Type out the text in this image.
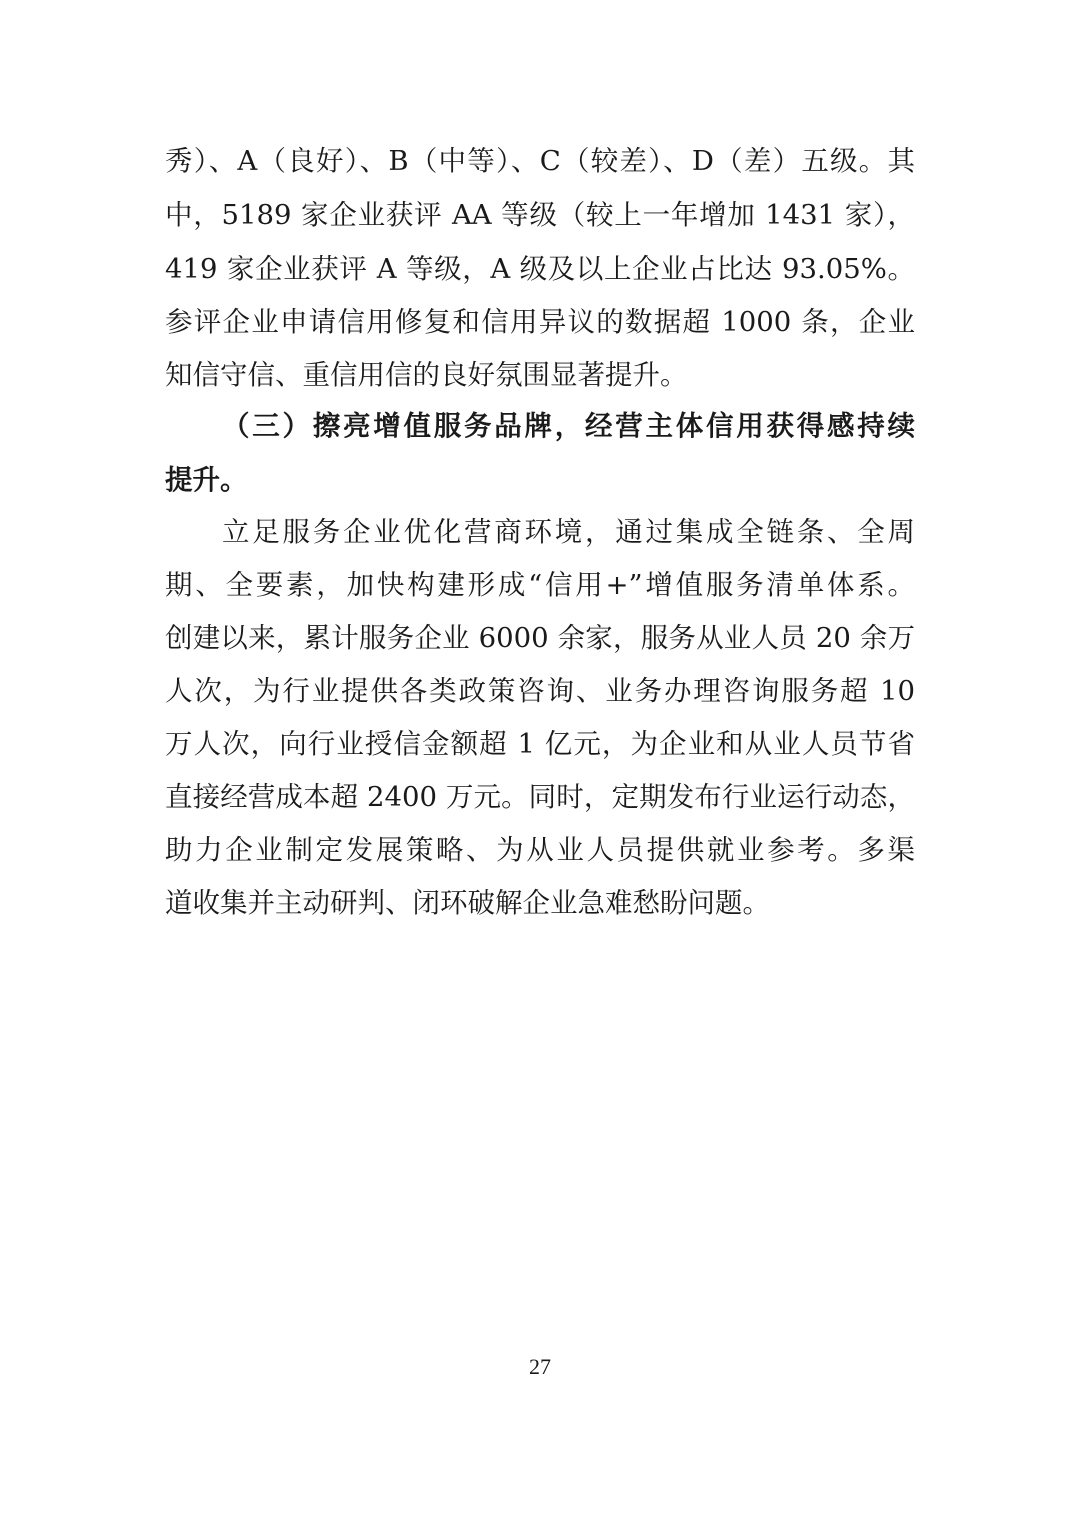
秀）、A（良好）、B（中等）、C（较差）、D（差）五级。其
中，5189 家企业获评 AA 等级（较上一年增加 1431 家），
419 家企业获评 A 等级，A 级及以上企业占比达 93.05%。
参评企业申请信用修复和信用异议的数据超 1000 条，企业
知信守信、重信用信的良好氛围显著提升。
（三）擦亮增值服务品牌，经营主体信用获得感持续
提升。
立足服务企业优化营商环境，通过集成全链条、全周
期、全要素，加快构建形成“信用+”增值服务清单体系。
创建以来，累计服务企业 6000 余家，服务从业人员 20 余万
人次，为行业提供各类政策咨询、业务办理咨询服务超 10
万人次，向行业授信金额超 1 亿元，为企业和从业人员节省
直接经营成本超 2400 万元。同时，定期发布行业运行动态，
助力企业制定发展策略、为从业人员提供就业参考。多渠
道收集并主动研判、闭环破解企业急难愁盼问题。
27
